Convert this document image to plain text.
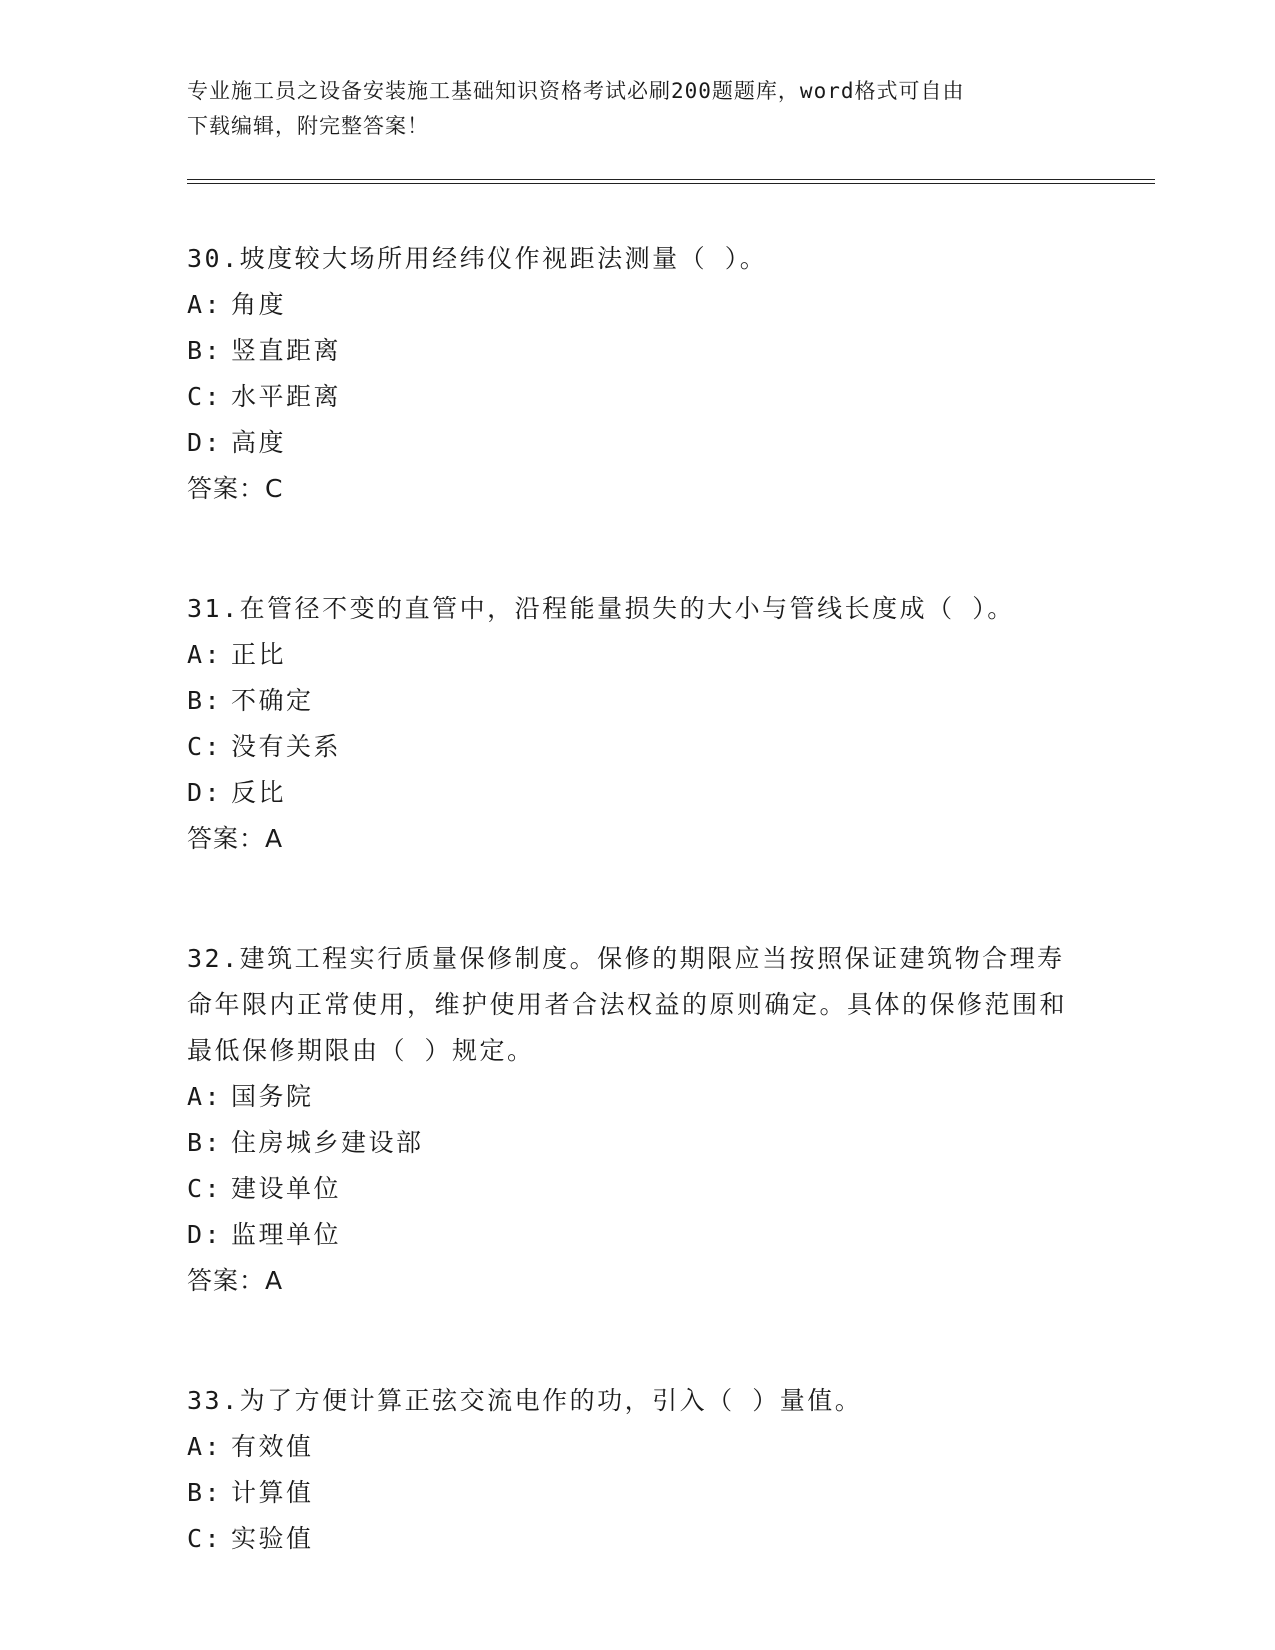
专业施工员之设备安装施工基础知识资格考试必刷200题题库，word格式可自由
下载编辑，附完整答案！
30.坡度较大场所用经纬仪作视距法测量（ ）。
A: 角度
B: 竖直距离
C: 水平距离
D: 高度
答案：C
31.在管径不变的直管中，沿程能量损失的大小与管线长度成（ ）。
A: 正比
B: 不确定
C: 没有关系
D: 反比
答案：A
32.建筑工程实行质量保修制度。保修的期限应当按照保证建筑物合理寿命年限内正常使用，维护使用者合法权益的原则确定。具体的保修范围和最低保修期限由（ ）规定。
A: 国务院
B: 住房城乡建设部
C: 建设单位
D: 监理单位
答案：A
33.为了方便计算正弦交流电作的功，引入（ ）量值。
A: 有效值
B: 计算值
C: 实验值
